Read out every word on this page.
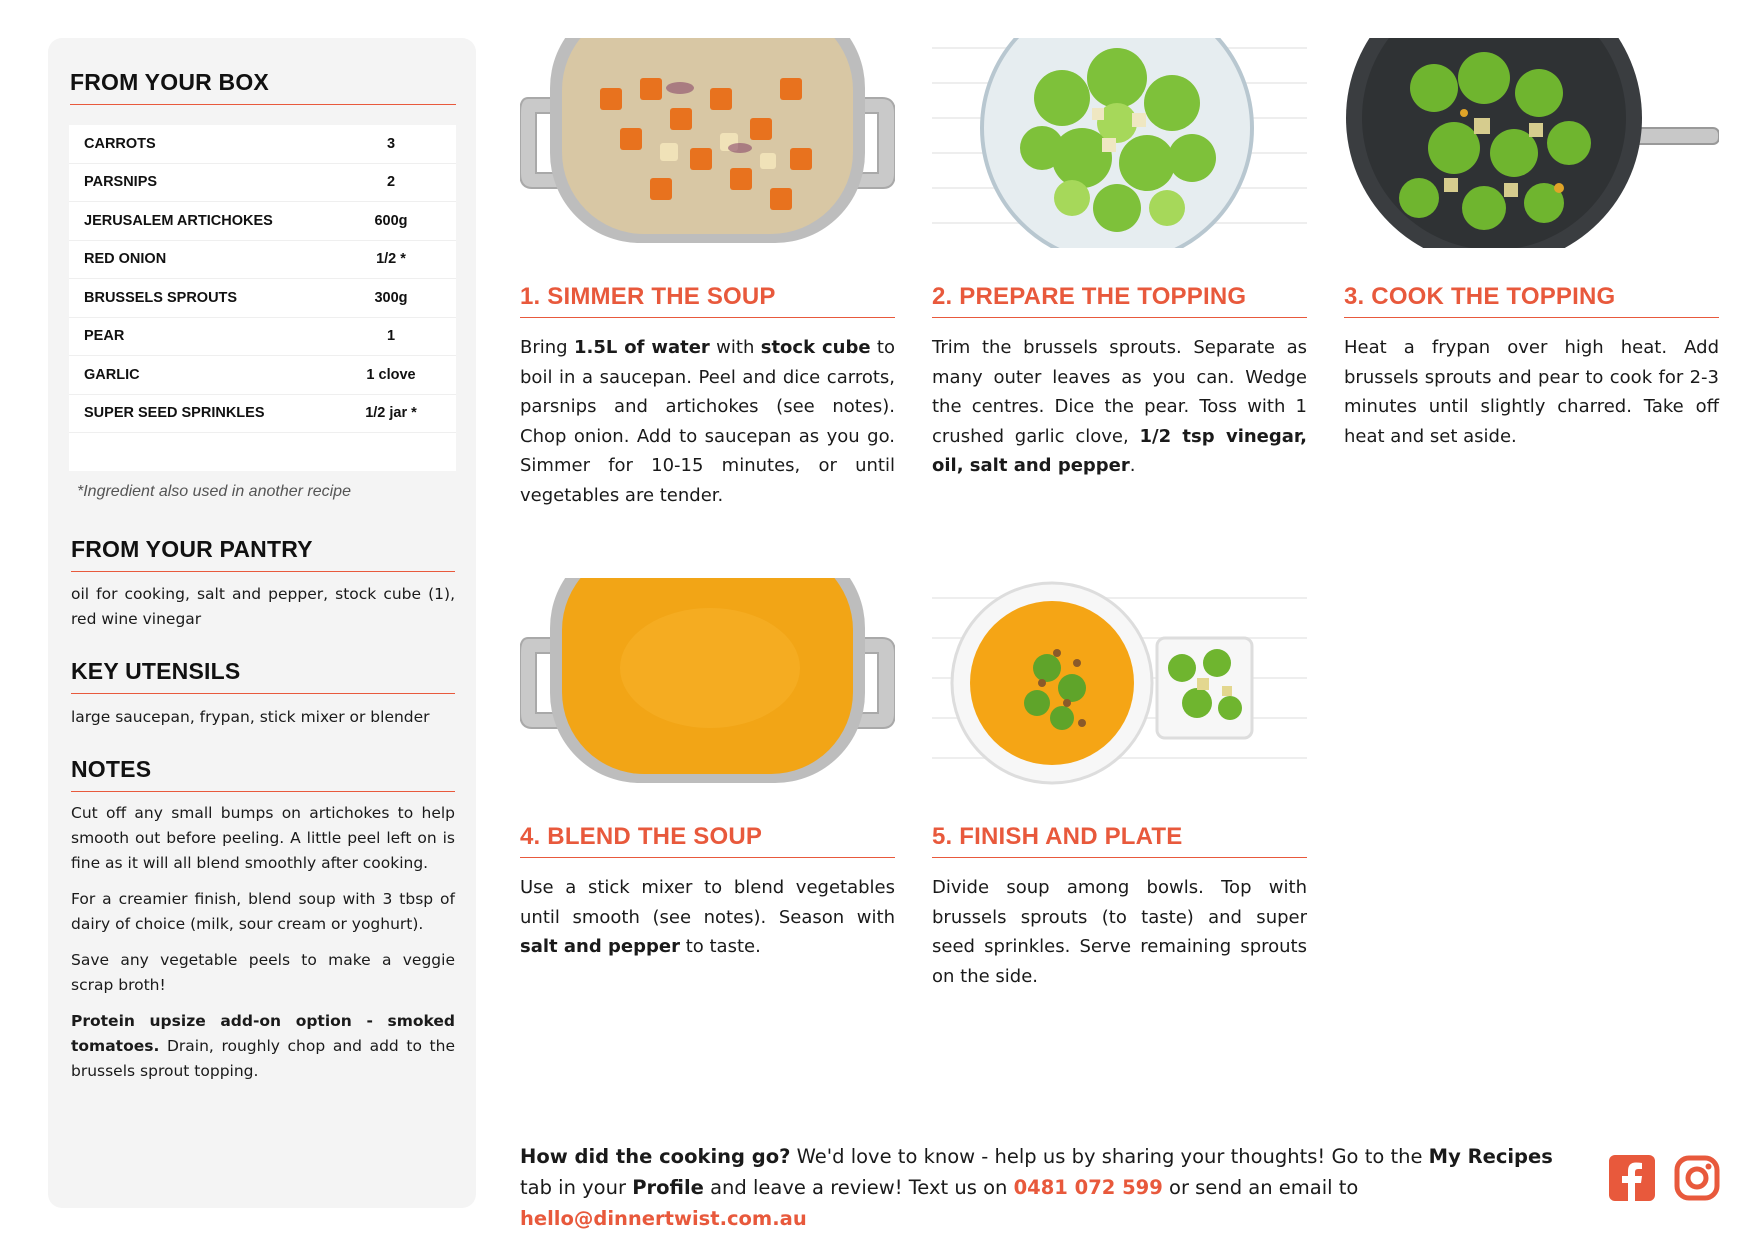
FROM YOUR BOX
CARROTS	3
PARSNIPS	2
JERUSALEM ARTICHOKES	600g
RED ONION	1/2 *
BRUSSELS SPROUTS	300g
PEAR	1
GARLIC	1 clove
SUPER SEED SPRINKLES	1/2 jar *
*Ingredient also used in another recipe
FROM YOUR PANTRY
oil for cooking, salt and pepper, stock cube (1), red wine vinegar
KEY UTENSILS
large saucepan, frypan, stick mixer or blender
NOTES
Cut off any small bumps on artichokes to help smooth out before peeling. A little peel left on is fine as it will all blend smoothly after cooking.
For a creamier finish, blend soup with 3 tbsp of dairy of choice (milk, sour cream or yoghurt).
Save any vegetable peels to make a veggie scrap broth!
Protein upsize add-on option - smoked tomatoes. Drain, roughly chop and add to the brussels sprout topping.
1. SIMMER THE SOUP
Bring 1.5L of water with stock cube to boil in a saucepan. Peel and dice carrots, parsnips and artichokes (see notes). Chop onion. Add to saucepan as you go. Simmer for 10-15 minutes, or until vegetables are tender.
2. PREPARE THE TOPPING
Trim the brussels sprouts. Separate as many outer leaves as you can. Wedge the centres. Dice the pear. Toss with 1 crushed garlic clove, 1/2 tsp vinegar, oil, salt and pepper.
3. COOK THE TOPPING
Heat a frypan over high heat. Add brussels sprouts and pear to cook for 2-3 minutes until slightly charred. Take off heat and set aside.
4. BLEND THE SOUP
Use a stick mixer to blend vegetables until smooth (see notes). Season with salt and pepper to taste.
5. FINISH AND PLATE
Divide soup among bowls. Top with brussels sprouts (to taste) and super seed sprinkles. Serve remaining sprouts on the side.
How did the cooking go? We'd love to know - help us by sharing your thoughts! Go to the My Recipes tab in your Profile and leave a review! Text us on 0481 072 599 or send an email to hello@dinnertwist.com.au
